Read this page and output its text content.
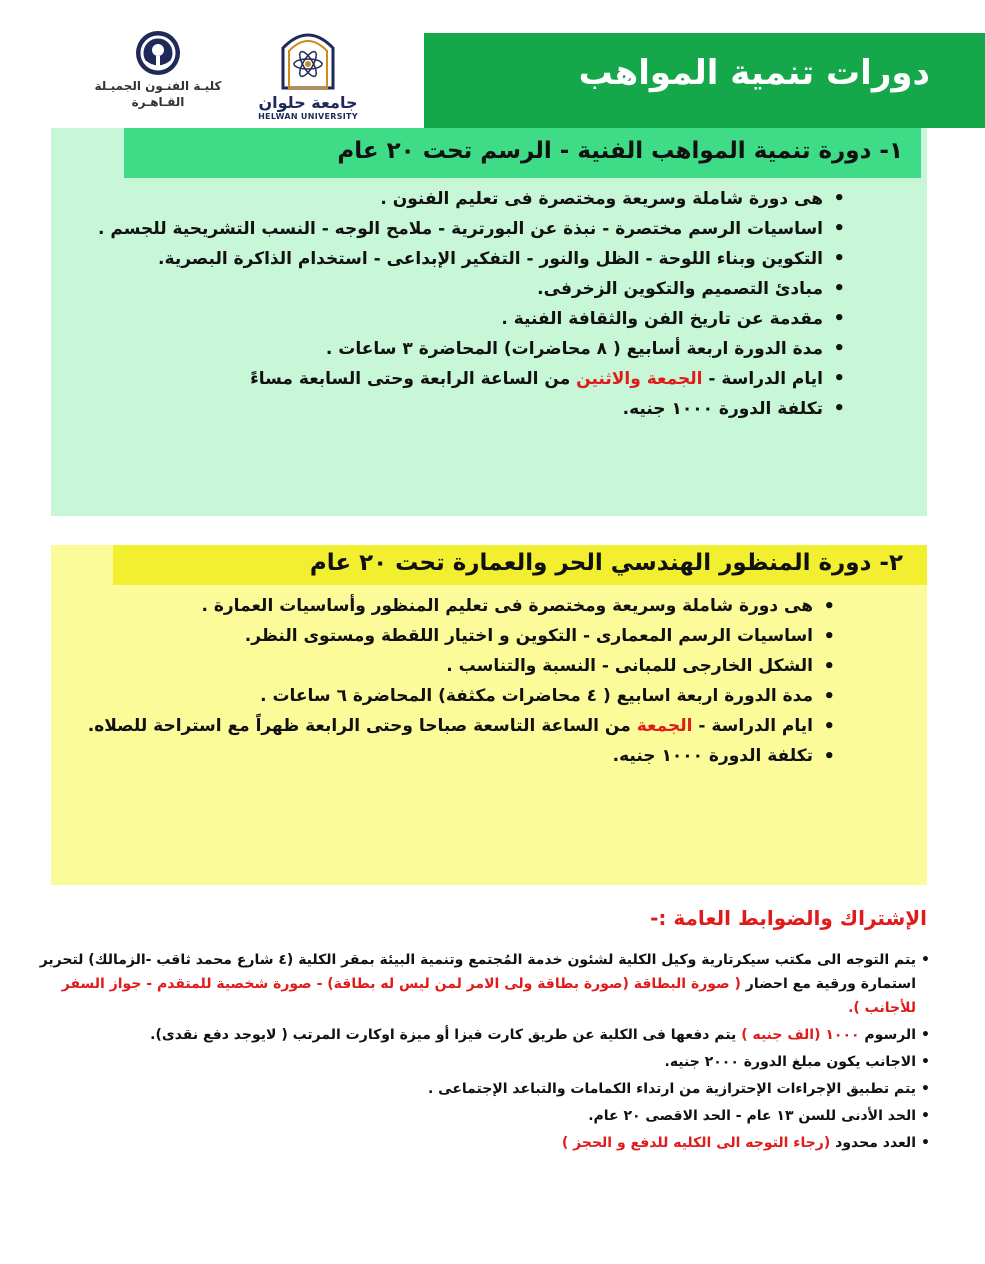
كليـة الفنـون الجميـلة
القـاهـرة	جامعة حلوان
HELWAN UNIVERSITY
دورات تنمية المواهب
١- دورة تنمية المواهب الفنية - الرسم تحت ٢٠ عام
• هى دورة شاملة وسريعة ومختصرة فى تعليم الفنون .
• اساسيات الرسم مختصرة - نبذة عن البورترية - ملامح الوجه - النسب التشريحية للجسم .
• التكوين وبناء اللوحة - الظل والنور - التفكير الإبداعى - استخدام الذاكرة البصرية.
• مبادئ التصميم والتكوين الزخرفى.
• مقدمة عن تاريخ الفن والثقافة الفنية .
• مدة الدورة اربعة أسابيع ( ٨ محاضرات) المحاضرة ٣ ساعات .
• ايام الدراسة - الجمعة والاثنين من الساعة الرابعة وحتى السابعة مساءً
• تكلفة الدورة ١٠٠٠ جنيه.
٢- دورة المنظور الهندسي الحر والعمارة تحت ٢٠ عام
• هى دورة شاملة وسريعة ومختصرة فى تعليم المنظور وأساسيات العمارة .
• اساسيات الرسم المعمارى - التكوين و اختيار اللقطة ومستوى النظر.
• الشكل الخارجى للمبانى - النسبة والتناسب .
• مدة الدورة اربعة اسابيع ( ٤ محاضرات مكثفة) المحاضرة ٦ ساعات .
• ايام الدراسة - الجمعة من الساعة التاسعة صباحا وحتى الرابعة ظهراً مع استراحة للصلاه.
• تكلفة الدورة ١٠٠٠ جنيه.
الإشتراك والضوابط العامة :-
• يتم التوجه الى مكتب سيكرتارية وكيل الكلية لشئون خدمة المُجتمع وتنمية البيئة بمقر الكلية (٤ شارع محمد ثاقب -الزمالك) لتحرير استمارة ورقية مع احضار ( صورة البطاقة (صورة بطاقة ولى الامر لمن ليس له بطاقة) - صورة شخصية للمتقدم - جواز السفر للأجانب ).
• الرسوم ١٠٠٠ (الف جنيه ) يتم دفعها فى الكلية عن طريق كارت فيزا أو ميزة اوكارت المرتب ( لايوجد دفع نقدى).
• الاجانب يكون مبلغ الدورة ٢٠٠٠ جنيه.
• يتم تطبيق الإجراءات الإحترازية من ارتداء الكمامات والتباعد الإجتماعى .
• الحد الأدنى للسن ١٣ عام - الحد الاقصى ٢٠ عام.
• العدد محدود (رجاء التوجه الى الكليه للدفع و الحجز )
